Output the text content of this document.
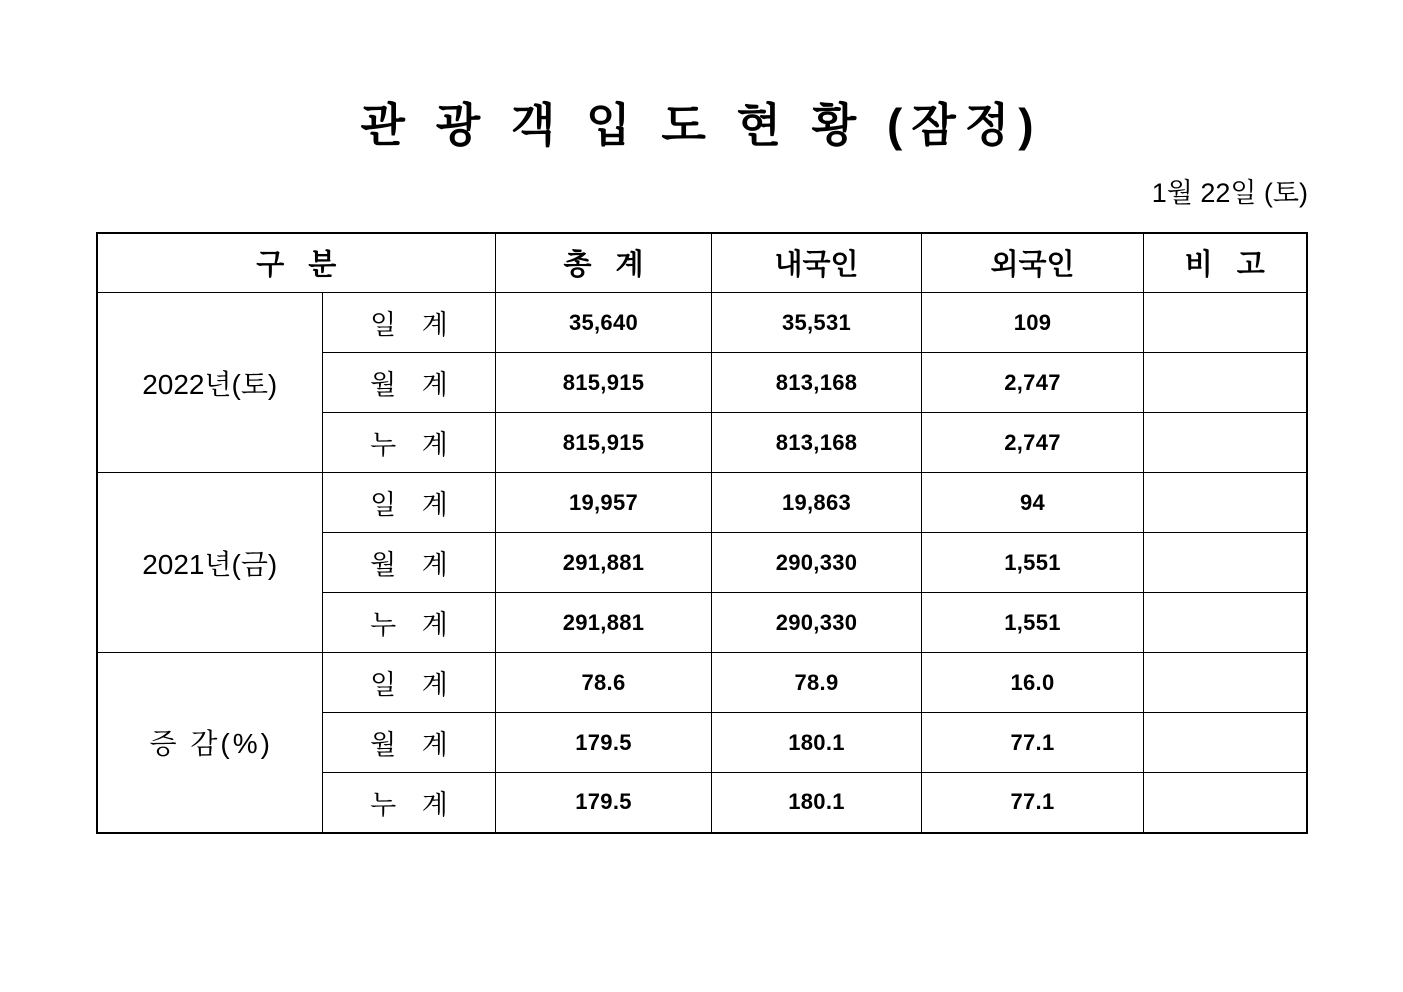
관 광 객 입 도 현 황 (잠정)
1월 22일 (토)
구 분		총 계	내국인	외국인	비 고
2022년(토)	일 계	35,640	35,531	109	
	월 계	815,915	813,168	2,747	
	누 계	815,915	813,168	2,747	
2021년(금)	일 계	19,957	19,863	94	
	월 계	291,881	290,330	1,551	
	누 계	291,881	290,330	1,551	
증 감(%)	일 계	78.6	78.9	16.0	
	월 계	179.5	180.1	77.1	
	누 계	179.5	180.1	77.1	
